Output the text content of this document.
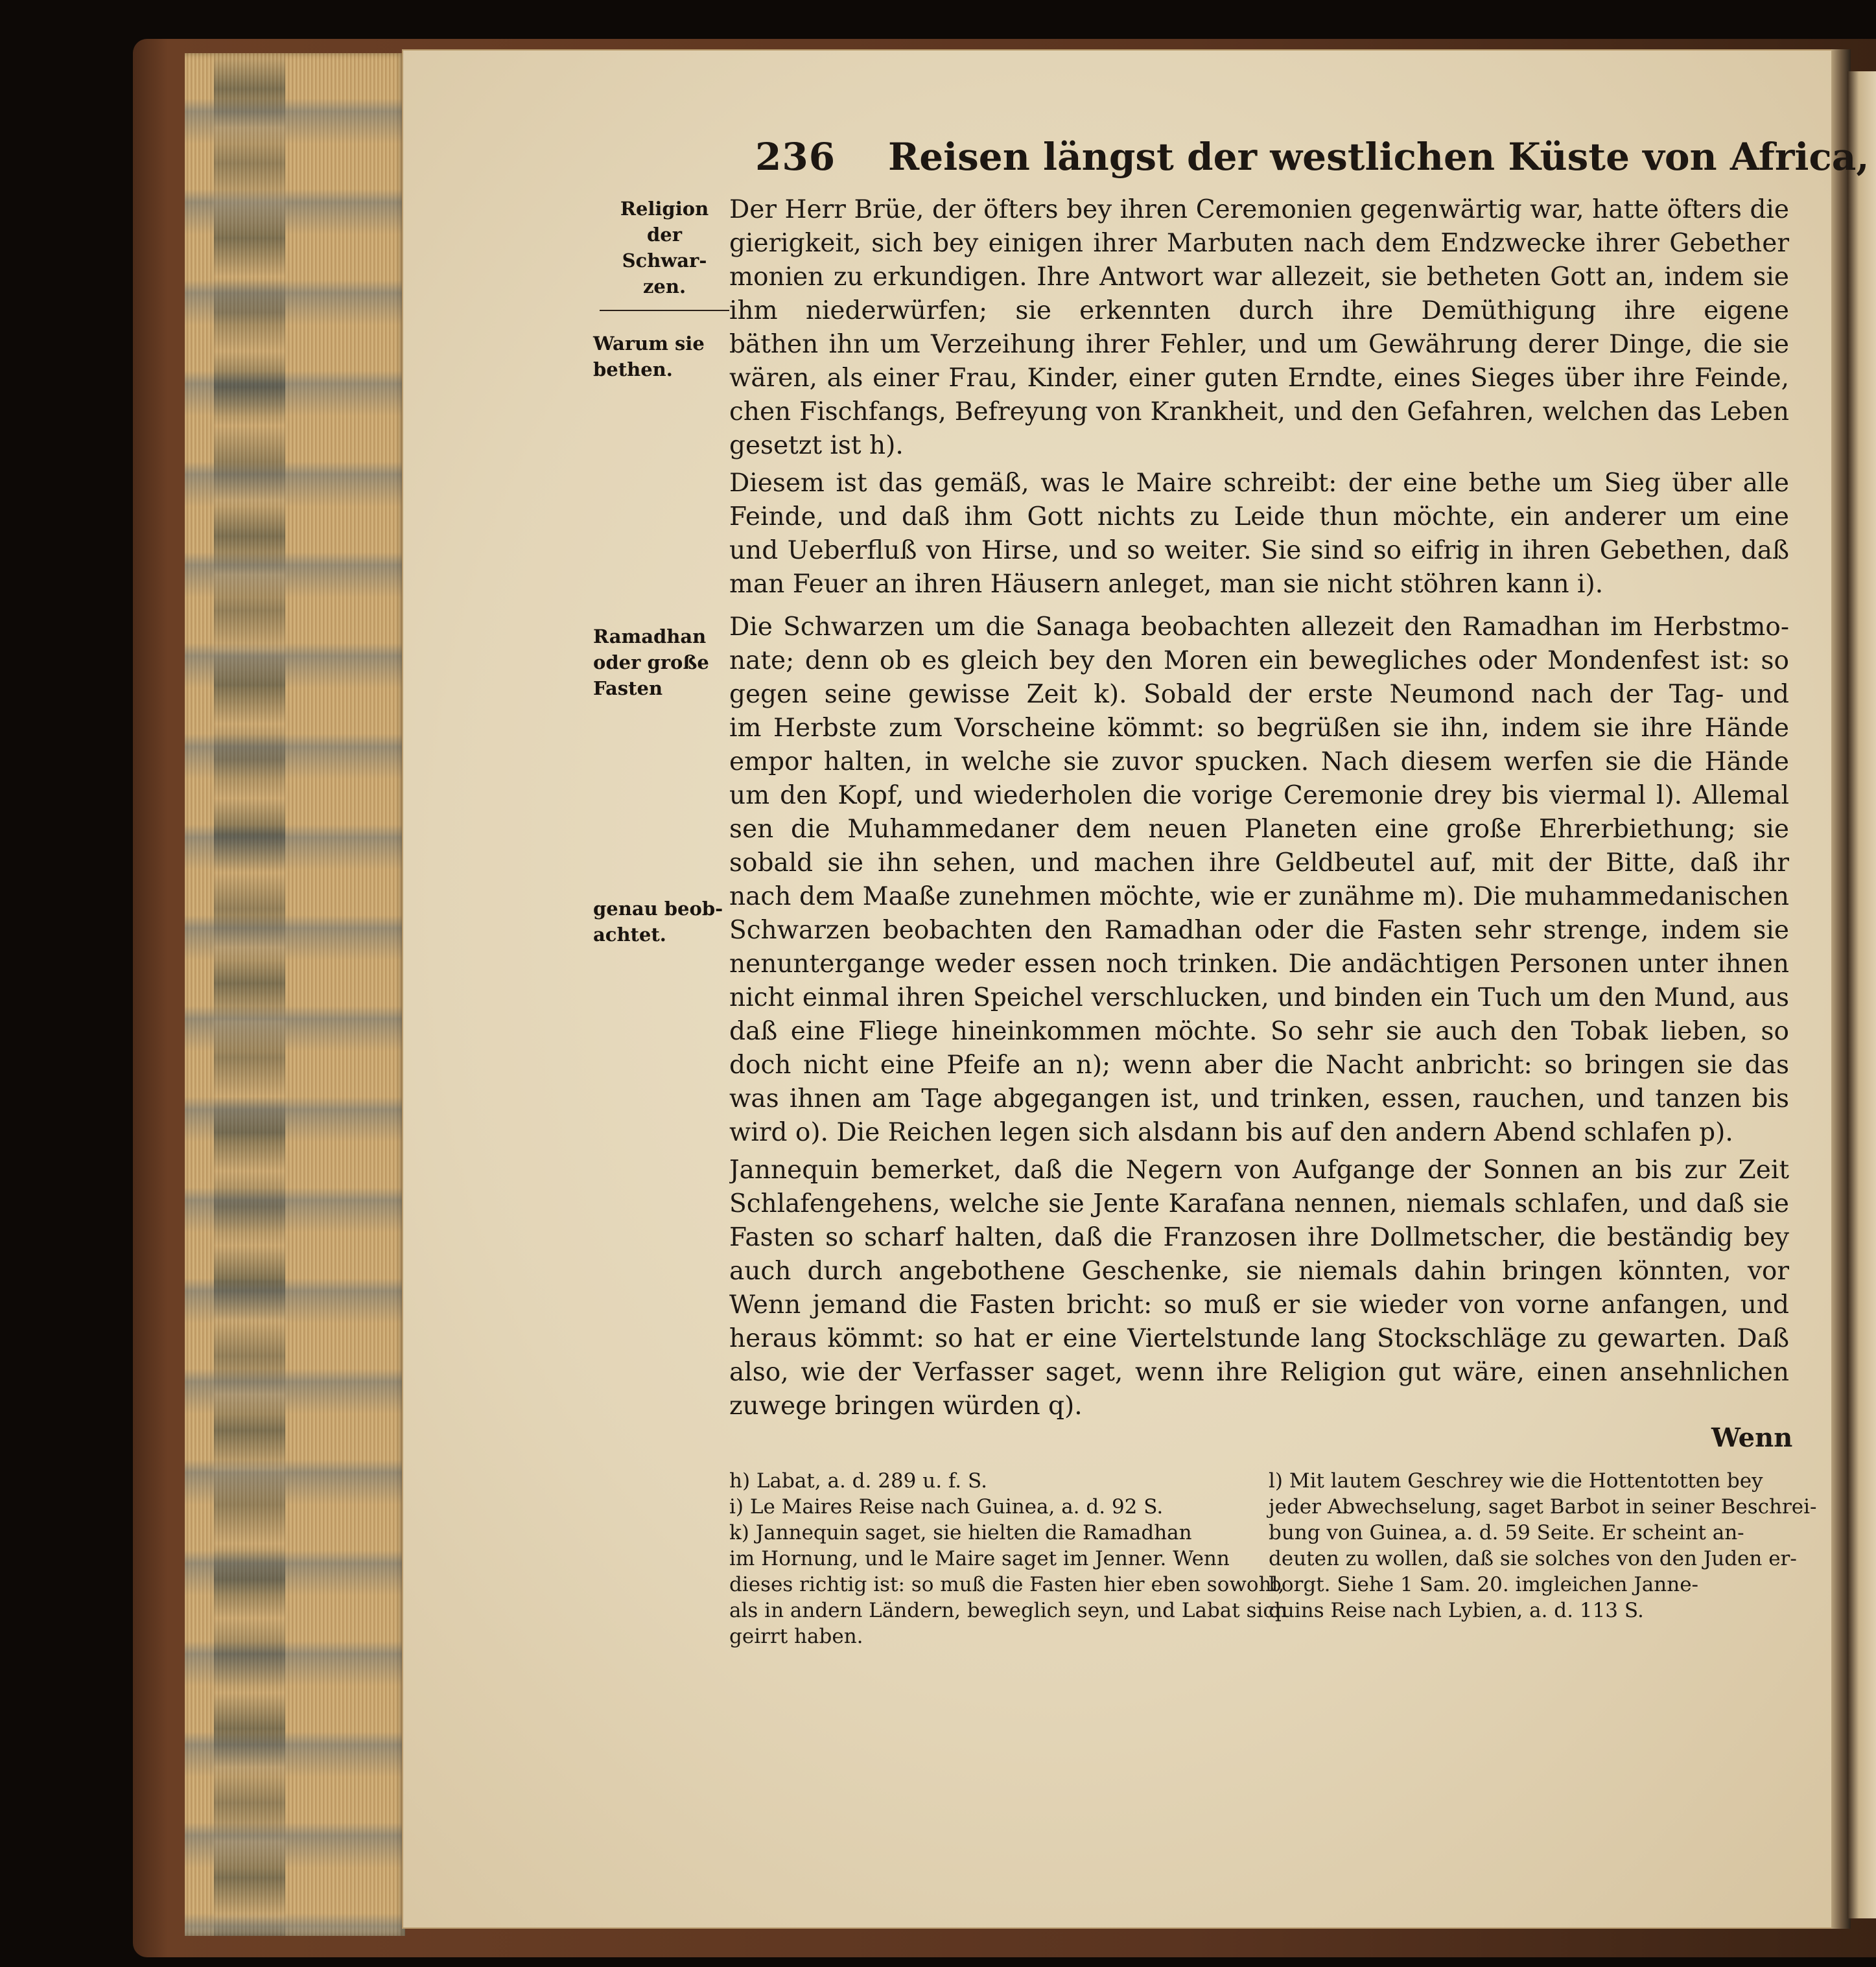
236 Reisen längst der westlichen Küste von Africa,
Religion
der
Schwar-
zen.
Warum sie
bethen.
Ramadhan
oder große
Fasten
genau beob-
achtet.
Der Herr Brüe, der öfters bey ihren Ceremonien gegenwärtig war, hatte öfters die
gierigkeit, sich bey einigen ihrer Marbuten nach dem Endzwecke ihrer Gebether
monien zu erkundigen. Ihre Antwort war allezeit, sie betheten Gott an, indem sie
ihm niederwürfen; sie erkennten durch ihre Demüthigung ihre eigene
bäthen ihn um Verzeihung ihrer Fehler, und um Gewährung derer Dinge, die sie
wären, als einer Frau, Kinder, einer guten Erndte, eines Sieges über ihre Feinde,
chen Fischfangs, Befreyung von Krankheit, und den Gefahren, welchen das Leben
gesetzt ist h).
Diesem ist das gemäß, was le Maire schreibt: der eine bethe um Sieg über alle
Feinde, und daß ihm Gott nichts zu Leide thun möchte, ein anderer um eine
und Ueberfluß von Hirse, und so weiter. Sie sind so eifrig in ihren Gebethen, daß
man Feuer an ihren Häusern anleget, man sie nicht stöhren kann i).
Die Schwarzen um die Sanaga beobachten allezeit den Ramadhan im Herbstmo-
nate; denn ob es gleich bey den Moren ein bewegliches oder Mondenfest ist: so
gegen seine gewisse Zeit k). Sobald der erste Neumond nach der Tag- und
im Herbste zum Vorscheine kömmt: so begrüßen sie ihn, indem sie ihre Hände
empor halten, in welche sie zuvor spucken. Nach diesem werfen sie die Hände
um den Kopf, und wiederholen die vorige Ceremonie drey bis viermal l). Allemal
sen die Muhammedaner dem neuen Planeten eine große Ehrerbiethung; sie
sobald sie ihn sehen, und machen ihre Geldbeutel auf, mit der Bitte, daß ihr
nach dem Maaße zunehmen möchte, wie er zunähme m). Die muhammedanischen
Schwarzen beobachten den Ramadhan oder die Fasten sehr strenge, indem sie
nenuntergange weder essen noch trinken. Die andächtigen Personen unter ihnen
nicht einmal ihren Speichel verschlucken, und binden ein Tuch um den Mund, aus
daß eine Fliege hineinkommen möchte. So sehr sie auch den Tobak lieben, so
doch nicht eine Pfeife an n); wenn aber die Nacht anbricht: so bringen sie das
was ihnen am Tage abgegangen ist, und trinken, essen, rauchen, und tanzen bis
wird o). Die Reichen legen sich alsdann bis auf den andern Abend schlafen p).
Jannequin bemerket, daß die Negern von Aufgange der Sonnen an bis zur Zeit
Schlafengehens, welche sie Jente Karafana nennen, niemals schlafen, und daß sie
Fasten so scharf halten, daß die Franzosen ihre Dollmetscher, die beständig bey
auch durch angebothene Geschenke, sie niemals dahin bringen könnten, vor
Wenn jemand die Fasten bricht: so muß er sie wieder von vorne anfangen, und
heraus kömmt: so hat er eine Viertelstunde lang Stockschläge zu gewarten. Daß
also, wie der Verfasser saget, wenn ihre Religion gut wäre, einen ansehnlichen
zuwege bringen würden q).
Wenn
h) Labat, a. d. 289 u. f. S.
i) Le Maires Reise nach Guinea, a. d. 92 S.
k) Jannequin saget, sie hielten die Ramadhan
im Hornung, und le Maire saget im Jenner. Wenn
dieses richtig ist: so muß die Fasten hier eben sowohl,
als in andern Ländern, beweglich seyn, und Labat sich
geirrt haben.
l) Mit lautem Geschrey wie die Hottentotten bey
jeder Abwechselung, saget Barbot in seiner Beschrei-
bung von Guinea, a. d. 59 Seite. Er scheint an-
deuten zu wollen, daß sie solches von den Juden er-
borgt. Siehe 1 Sam. 20. imgleichen Janne-
quins Reise nach Lybien, a. d. 113 S.
